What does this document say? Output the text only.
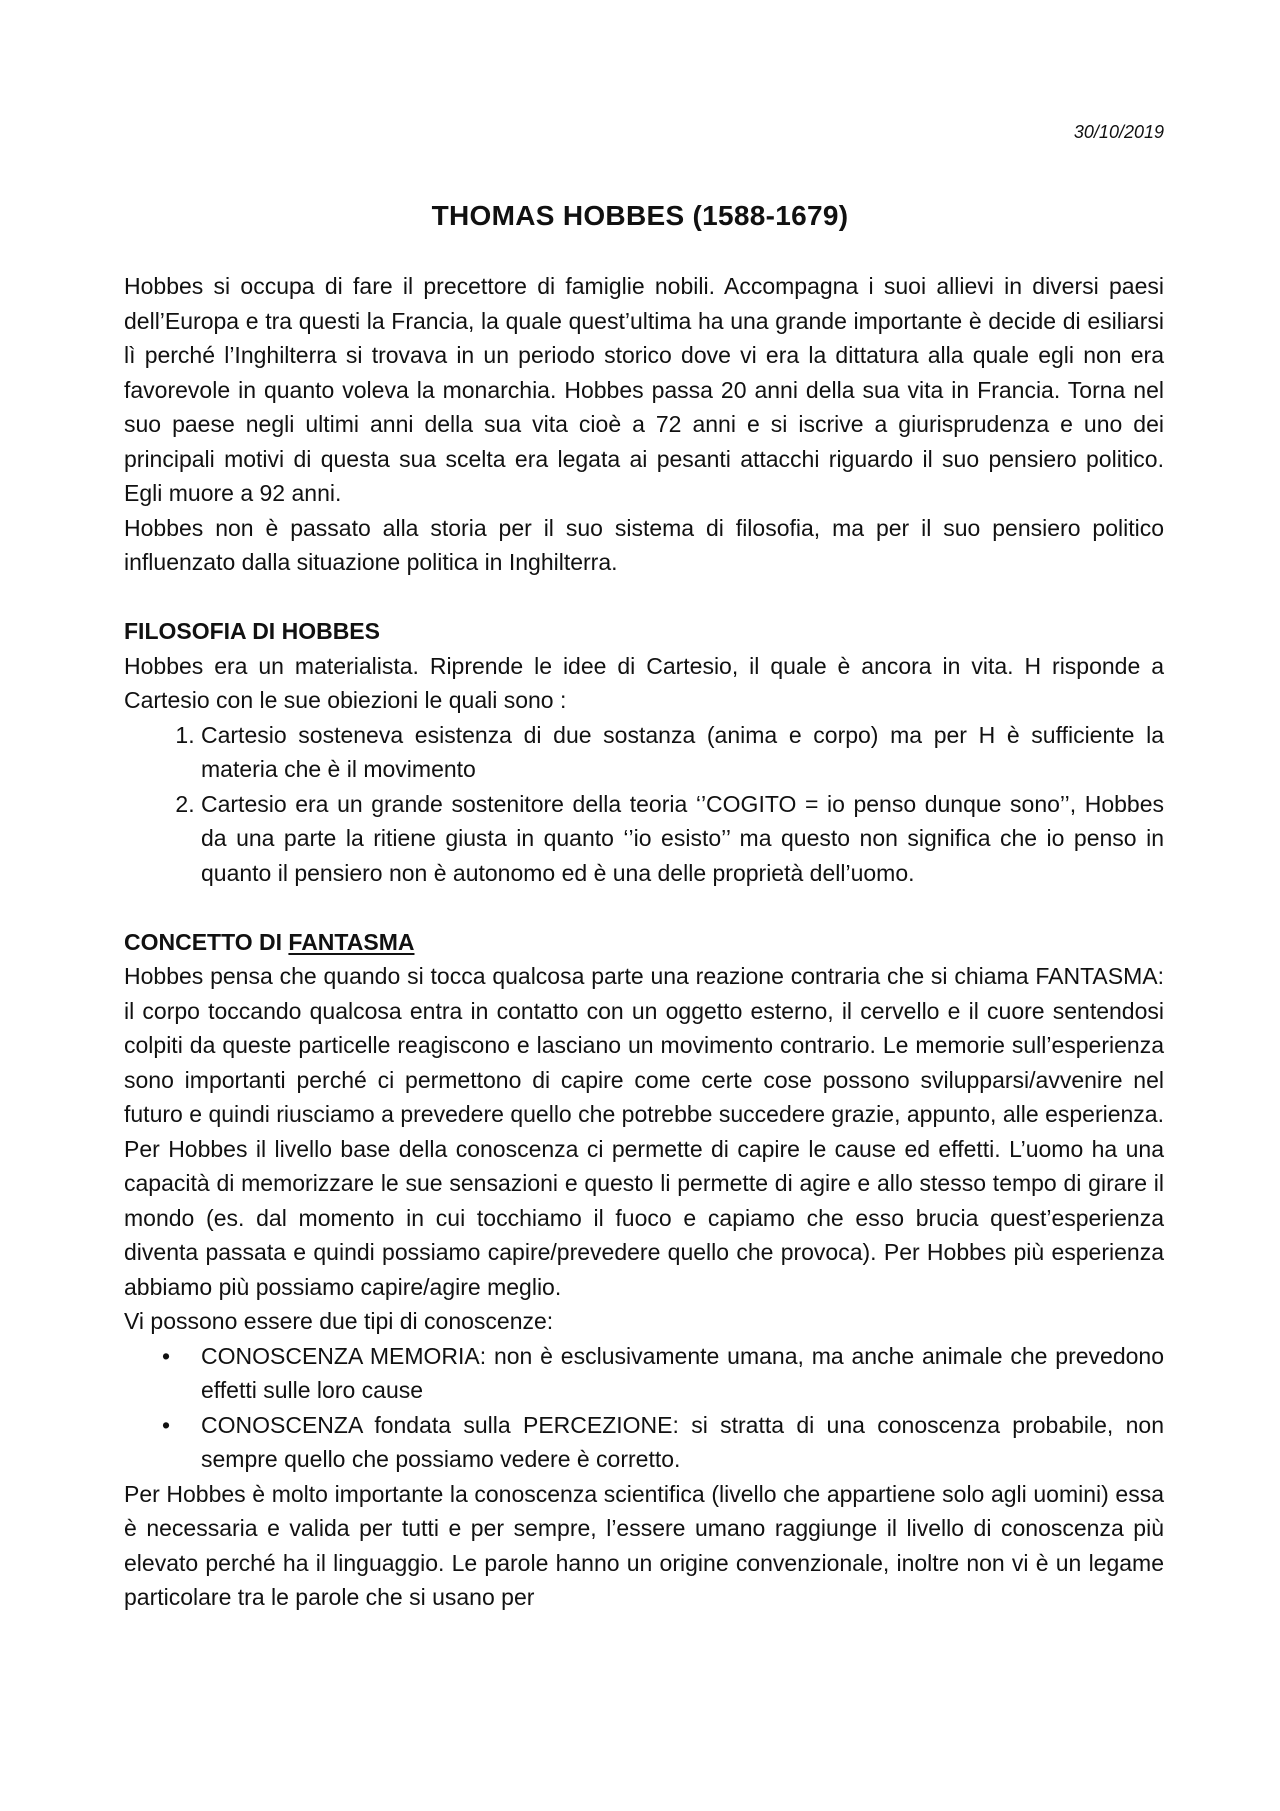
30/10/2019
THOMAS HOBBES (1588-1679)

Hobbes si occupa di fare il precettore di famiglie nobili. Accompagna i suoi allievi in diversi paesi dell’Europa e tra questi la Francia, la quale quest’ultima ha una grande importante è decide di esiliarsi lì perché l’Inghilterra si trovava in un periodo storico dove vi era la dittatura alla quale egli non era favorevole in quanto voleva la monarchia. Hobbes passa 20 anni della sua vita in Francia. Torna nel suo paese negli ultimi anni della sua vita cioè a 72 anni e si iscrive a giurisprudenza e uno dei principali motivi di questa sua scelta era legata ai pesanti attacchi riguardo il suo pensiero politico. Egli muore a 92 anni.

Hobbes non è passato alla storia per il suo sistema di filosofia, ma per il suo pensiero politico influenzato dalla situazione politica in Inghilterra.

FILOSOFIA DI HOBBES

Hobbes era un materialista. Riprende le idee di Cartesio, il quale è ancora in vita. H risponde a Cartesio con le sue obiezioni le quali sono :

1. Cartesio sosteneva esistenza di due sostanza (anima e corpo) ma per H è sufficiente la materia che è il movimento
2. Cartesio era un grande sostenitore della teoria ‘’COGITO = io penso dunque sono’’, Hobbes da una parte la ritiene giusta in quanto ‘’io esisto’’ ma questo non significa che io penso in quanto il pensiero non è autonomo ed è una delle proprietà dell’uomo.
CONCETTO DI FANTASMA

Hobbes pensa che quando si tocca qualcosa parte una reazione contraria che si chiama FANTASMA: il corpo toccando qualcosa entra in contatto con un oggetto esterno, il cervello e il cuore sentendosi colpiti da queste particelle reagiscono e lasciano un movimento contrario. Le memorie sull’esperienza sono importanti perché ci permettono di capire come certe cose possono svilupparsi/avvenire nel futuro e quindi riusciamo a prevedere quello che potrebbe succedere grazie, appunto, alle esperienza. Per Hobbes il livello base della conoscenza ci permette di capire le cause ed effetti. L’uomo ha una capacità di memorizzare le sue sensazioni e questo li permette di agire e allo stesso tempo di girare il mondo (es. dal momento in cui tocchiamo il fuoco e capiamo che esso brucia quest’esperienza diventa passata e quindi possiamo capire/prevedere quello che provoca). Per Hobbes più esperienza abbiamo più possiamo capire/agire meglio.

Vi possono essere due tipi di conoscenze:

• CONOSCENZA MEMORIA: non è esclusivamente umana, ma anche animale che prevedono effetti sulle loro cause
• CONOSCENZA fondata sulla PERCEZIONE: si stratta di una conoscenza probabile, non sempre quello che possiamo vedere è corretto.

Per Hobbes è molto importante la conoscenza scientifica (livello che appartiene solo agli uomini) essa è necessaria e valida per tutti e per sempre, l’essere umano raggiunge il livello di conoscenza più elevato perché ha il linguaggio. Le parole hanno un origine convenzionale, inoltre non vi è un legame particolare tra le parole che si usano per
